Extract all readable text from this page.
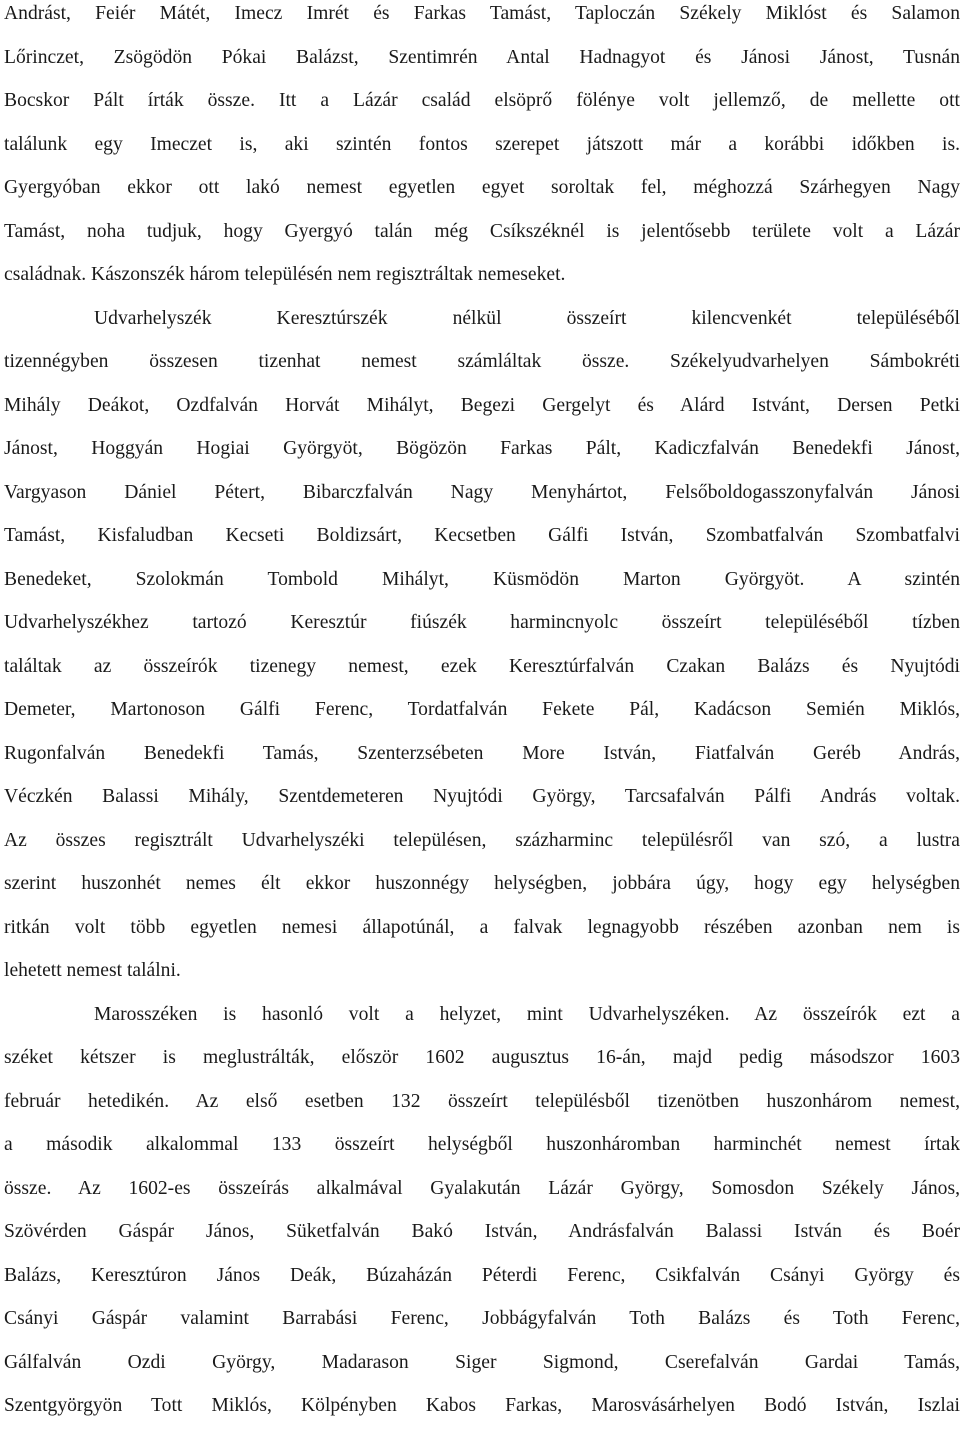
Andrást, Feiér Mátét, Imecz Imrét és Farkas Tamást, Taploczán Székely Miklóst és Salamon
Lőrinczet, Zsögödön Pókai Balázst, Szentimrén Antal Hadnagyot és Jánosi Jánost, Tusnán
Bocskor Pált írták össze. Itt a Lázár család elsöprő fölénye volt jellemző, de mellette ott
találunk egy Imeczet is, aki szintén fontos szerepet játszott már a korábbi időkben is.
Gyergyóban ekkor ott lakó nemest egyetlen egyet soroltak fel, méghozzá Szárhegyen Nagy
Tamást, noha tudjuk, hogy Gyergyó talán még Csíkszéknél is jelentősebb területe volt a Lázár
családnak. Kászonszék három településén nem regisztráltak nemeseket.
Udvarhelyszék Keresztúrszék nélkül összeírt kilencvenkét településéből
tizennégyben összesen tizenhat nemest számláltak össze. Székelyudvarhelyen Sámbokréti
Mihály Deákot, Ozdfalván Horvát Mihályt, Begezi Gergelyt és Alárd Istvánt, Dersen Petki
Jánost, Hoggyán Hogiai Györgyöt, Bögözön Farkas Pált, Kadiczfalván Benedekfi Jánost,
Vargyason Dániel Pétert, Bibarczfalván Nagy Menyhártot, Felsőboldogasszonyfalván Jánosi
Tamást, Kisfaludban Kecseti Boldizsárt, Kecsetben Gálfi István, Szombatfalván Szombatfalvi
Benedeket, Szolokmán Tombold Mihályt, Küsmödön Marton Györgyöt. A szintén
Udvarhelyszékhez tartozó Keresztúr fiúszék harmincnyolc összeírt településéből tízben
találtak az összeírók tizenegy nemest, ezek Keresztúrfalván Czakan Balázs és Nyujtódi
Demeter, Martonoson Gálfi Ferenc, Tordatfalván Fekete Pál, Kadácson Semién Miklós,
Rugonfalván Benedekfi Tamás, Szenterzsébeten More István, Fiatfalván Geréb András,
Véczkén Balassi Mihály, Szentdemeteren Nyujtódi György, Tarcsafalván Pálfi András voltak.
Az összes regisztrált Udvarhelyszéki településen, százharminc településről van szó, a lustra
szerint huszonhét nemes élt ekkor huszonnégy helységben, jobbára úgy, hogy egy helységben
ritkán volt több egyetlen nemesi állapotúnál, a falvak legnagyobb részében azonban nem is
lehetett nemest találni.
Marosszéken is hasonló volt a helyzet, mint Udvarhelyszéken. Az összeírók ezt a
széket kétszer is meglustrálták, először 1602 augusztus 16-án, majd pedig másodszor 1603
február hetedikén. Az első esetben 132 összeírt településből tizenötben huszonhárom nemest,
a második alkalommal 133 összeírt helységből huszonháromban harminchét nemest írtak
össze. Az 1602-es összeírás alkalmával Gyalakután Lázár György, Somosdon Székely János,
Szövérden Gáspár János, Süketfalván Bakó István, Andrásfalván Balassi István és Boér
Balázs, Keresztúron János Deák, Búzaházán Péterdi Ferenc, Csikfalván Csányi György és
Csányi Gáspár valamint Barrabási Ferenc, Jobbágyfalván Toth Balázs és Toth Ferenc,
Gálfalván Ozdi György, Madarason Siger Sigmond, Cserefalván Gardai Tamás,
Szentgyörgyön Tott Miklós, Kölpényben Kabos Farkas, Marosvásárhelyen Bodó István, Iszlai
